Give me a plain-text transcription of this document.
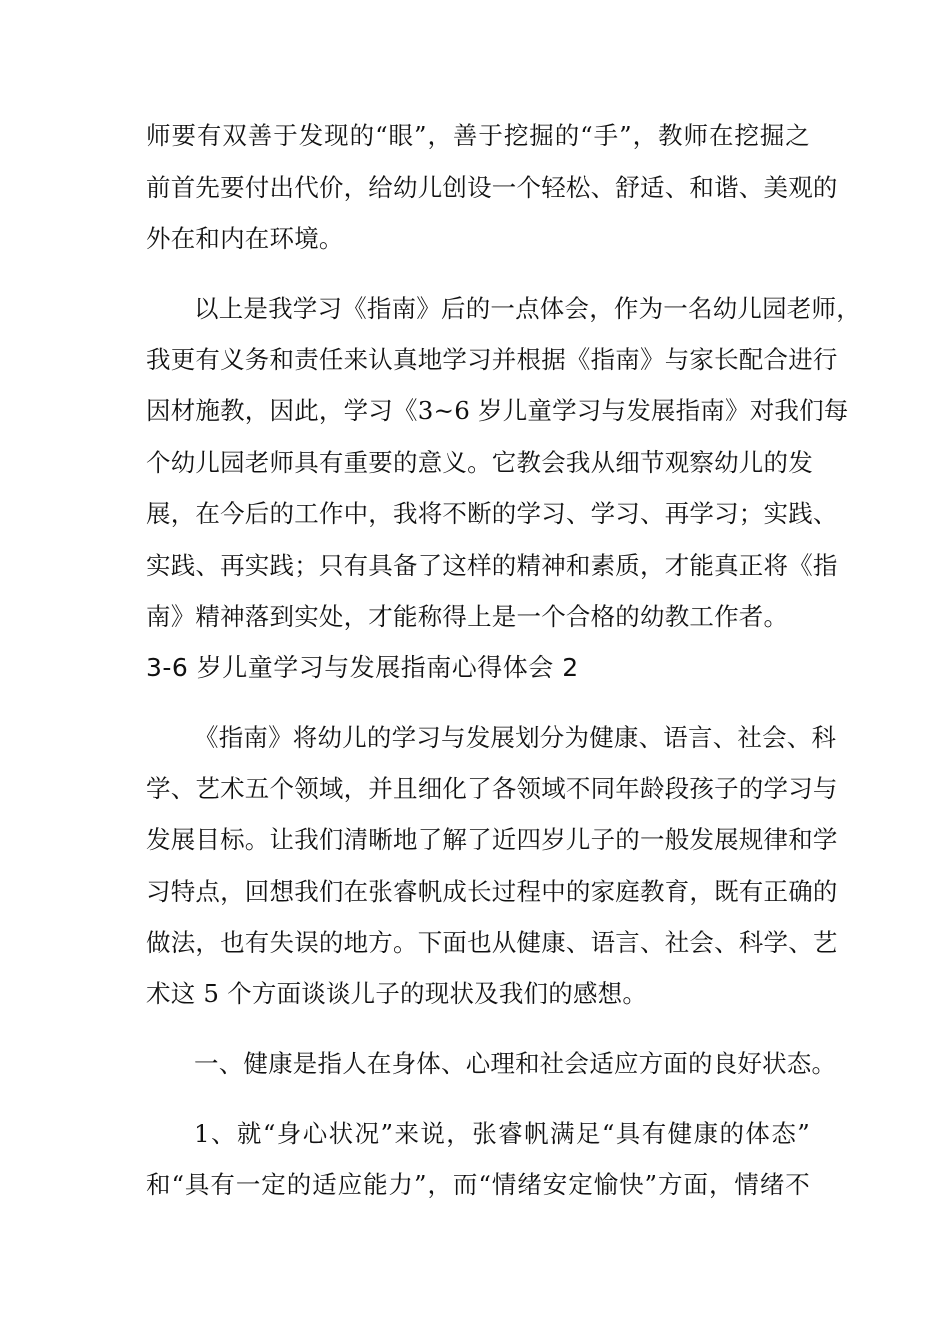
师要有双善于发现的“眼”，善于挖掘的“手”，教师在挖掘之
前首先要付出代价，给幼儿创设一个轻松、舒适、和谐、美观的
外在和内在环境。
以上是我学习《指南》后的一点体会，作为一名幼儿园老师，
我更有义务和责任来认真地学习并根据《指南》与家长配合进行
因材施教，因此，学习《3~6 岁儿童学习与发展指南》对我们每
个幼儿园老师具有重要的意义。它教会我从细节观察幼儿的发
展，在今后的工作中，我将不断的学习、学习、再学习；实践、
实践、再实践；只有具备了这样的精神和素质，才能真正将《指
南》精神落到实处，才能称得上是一个合格的幼教工作者。
3-6 岁儿童学习与发展指南心得体会 2
《指南》将幼儿的学习与发展划分为健康、语言、社会、科
学、艺术五个领域，并且细化了各领域不同年龄段孩子的学习与
发展目标。让我们清晰地了解了近四岁儿子的一般发展规律和学
习特点，回想我们在张睿帆成长过程中的家庭教育，既有正确的
做法，也有失误的地方。下面也从健康、语言、社会、科学、艺
术这 5 个方面谈谈儿子的现状及我们的感想。
一、健康是指人在身体、心理和社会适应方面的良好状态。
1、就“身心状况”来说，张睿帆满足“具有健康的体态”
和“具有一定的适应能力”，而“情绪安定愉快”方面，情绪不
